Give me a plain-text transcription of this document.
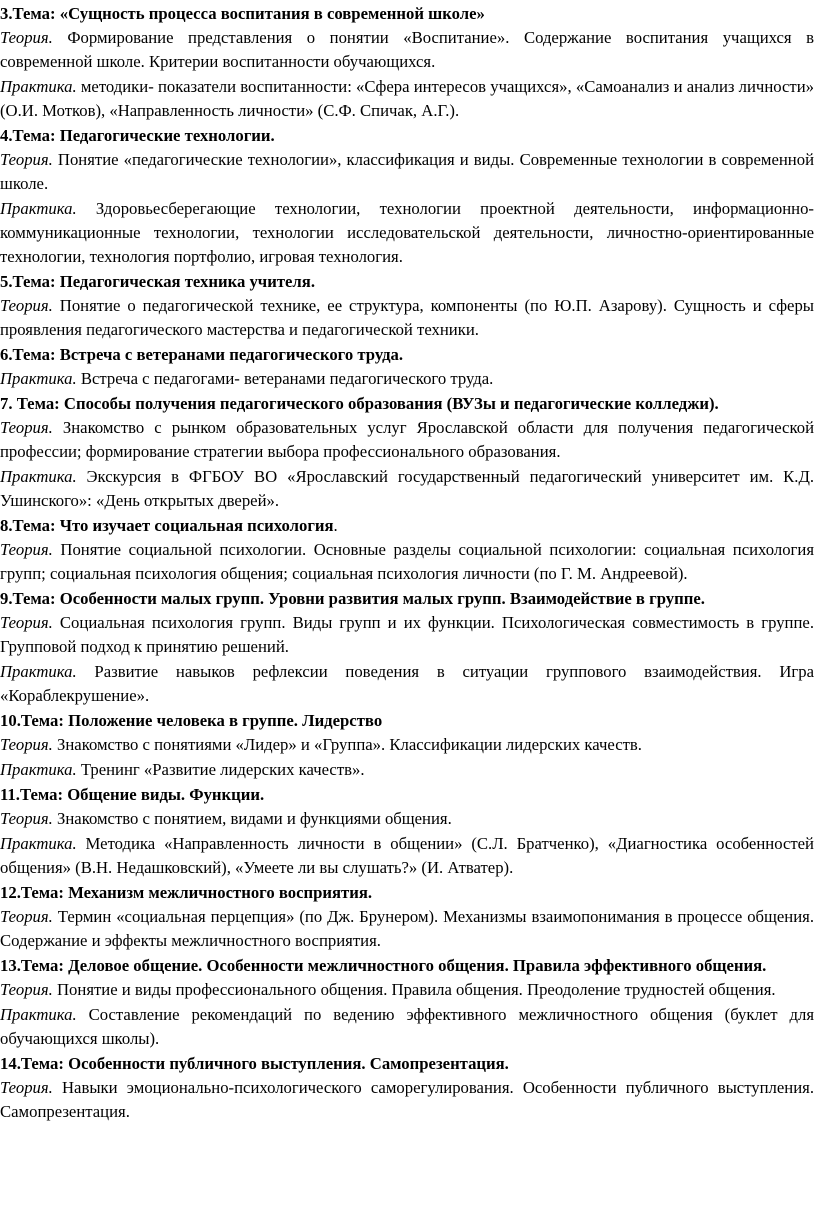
3.Тема: «Сущность процесса воспитания в современной школе»

Теория. Формирование представления о понятии «Воспитание». Содержание воспитания учащихся в современной школе. Критерии воспитанности обучающихся.

Практика. методики- показатели воспитанности: «Сфера интересов учащихся», «Самоанализ и анализ личности» (О.И. Мотков), «Направленность личности» (С.Ф. Спичак, А.Г.).

4.Тема: Педагогические технологии.

Теория. Понятие «педагогические технологии», классификация и виды. Современные технологии в современной школе.

Практика. Здоровьесберегающие технологии, технологии проектной деятельности, информационно-коммуникационные технологии, технологии исследовательской деятельности, личностно-ориентированные технологии, технология портфолио, игровая технология.

5.Тема: Педагогическая техника учителя.

Теория. Понятие о педагогической технике, ее структура, компоненты (по Ю.П. Азарову). Сущность и сферы проявления педагогического мастерства и педагогической техники.

6.Тема: Встреча с ветеранами педагогического труда.

Практика. Встреча с педагогами- ветеранами педагогического труда.

7. Тема: Способы получения педагогического образования (ВУЗы и педагогические колледжи).

Теория. Знакомство с рынком образовательных услуг Ярославской области для получения педагогической профессии; формирование стратегии выбора профессионального образования.

Практика. Экскурсия в ФГБОУ ВО «Ярославский государственный педагогический университет им. К.Д. Ушинского»: «День открытых дверей».

8.Тема: Что изучает социальная психология.

Теория. Понятие социальной психологии. Основные разделы социальной психологии: социальная психология групп; социальная психология общения; социальная психология личности (по Г. М. Андреевой).

9.Тема: Особенности малых групп. Уровни развития малых групп. Взаимодействие в группе.

Теория. Социальная психология групп. Виды групп и их функции. Психологическая совместимость в группе. Групповой подход к принятию решений.

Практика. Развитие навыков рефлексии поведения в ситуации группового взаимодействия. Игра «Кораблекрушение».

10.Тема: Положение человека в группе. Лидерство

Теория. Знакомство с понятиями «Лидер» и «Группа». Классификации лидерских качеств.

Практика. Тренинг «Развитие лидерских качеств».

11.Тема: Общение виды. Функции.

Теория. Знакомство с понятием, видами и функциями общения.

Практика. Методика «Направленность личности в общении» (С.Л. Братченко), «Диагностика особенностей общения» (В.Н. Недашковский), «Умеете ли вы слушать?» (И. Атватер).

12.Тема: Механизм межличностного восприятия.

Теория. Термин «социальная перцепция» (по Дж. Брунером). Механизмы взаимопонимания в процессе общения. Содержание и эффекты межличностного восприятия.

13.Тема: Деловое общение. Особенности межличностного общения. Правила эффективного общения.

Теория. Понятие и виды профессионального общения. Правила общения. Преодоление трудностей общения.

Практика. Составление рекомендаций по ведению эффективного межличностного общения (буклет для обучающихся школы).

14.Тема: Особенности публичного выступления. Самопрезентация.

Теория. Навыки эмоционально-психологического саморегулирования. Особенности публичного выступления. Самопрезентация.
